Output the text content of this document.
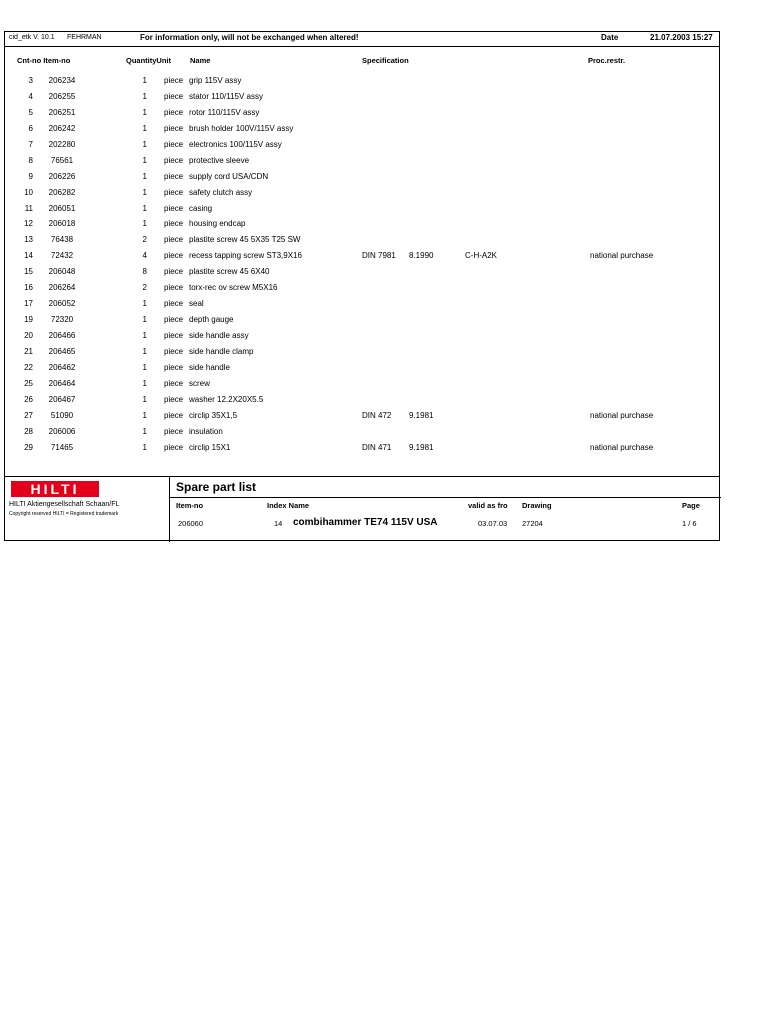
cid_etk V. 10.1 FEHRMAN	For information only, will not be exchanged when altered!	Date	21.07.2003 15:27
Cnt-no Item-no	QuantityUnit	Name	Specification	Proc.restr.
3	206234	1 piece grip 115V assy
4	206255	1 piece stator 110/115V assy
5	206251	1 piece rotor 110/115V assy
6	206242	1 piece brush holder 100V/115V assy
7	202280	1 piece electronics 100/115V assy
8	76561	1 piece protective sleeve
9	206226	1 piece supply cord USA/CDN
10	206282	1 piece safety clutch assy
11	206051	1 piece casing
12	206018	1 piece housing endcap
13	76438	2 piece plastite screw 45 5X35 T25 SW
14	72432	4 piece recess tapping screw ST3,9X16	DIN 7981 8.1990	C-H-A2K	national purchase
15	206048	8 piece plastite screw 45 6X40
16	206264	2 piece torx-rec ov screw M5X16
17	206052	1 piece seal
19	72320	1 piece depth gauge
20	206466	1 piece side handle assy
21	206465	1 piece side handle clamp
22	206462	1 piece side handle
25	206464	1 piece screw
26	206467	1 piece washer 12.2X20X5.5
27	51090	1 piece circlip 35X1,5	DIN 472 9.1981	national purchase
28	206006	1 piece insulation
29	71465	1 piece circlip 15X1	DIN 471 9.1981	national purchase
HILTI
HILTI Aktiengesellschaft Schaan/FL
Copyright reserved HILTI = Registered trademark
Spare part list
Item-no	Index Name	valid as fro Drawing	Page
206060	14 combihammer TE74 115V USA	03.07.03 27204	1 / 6
